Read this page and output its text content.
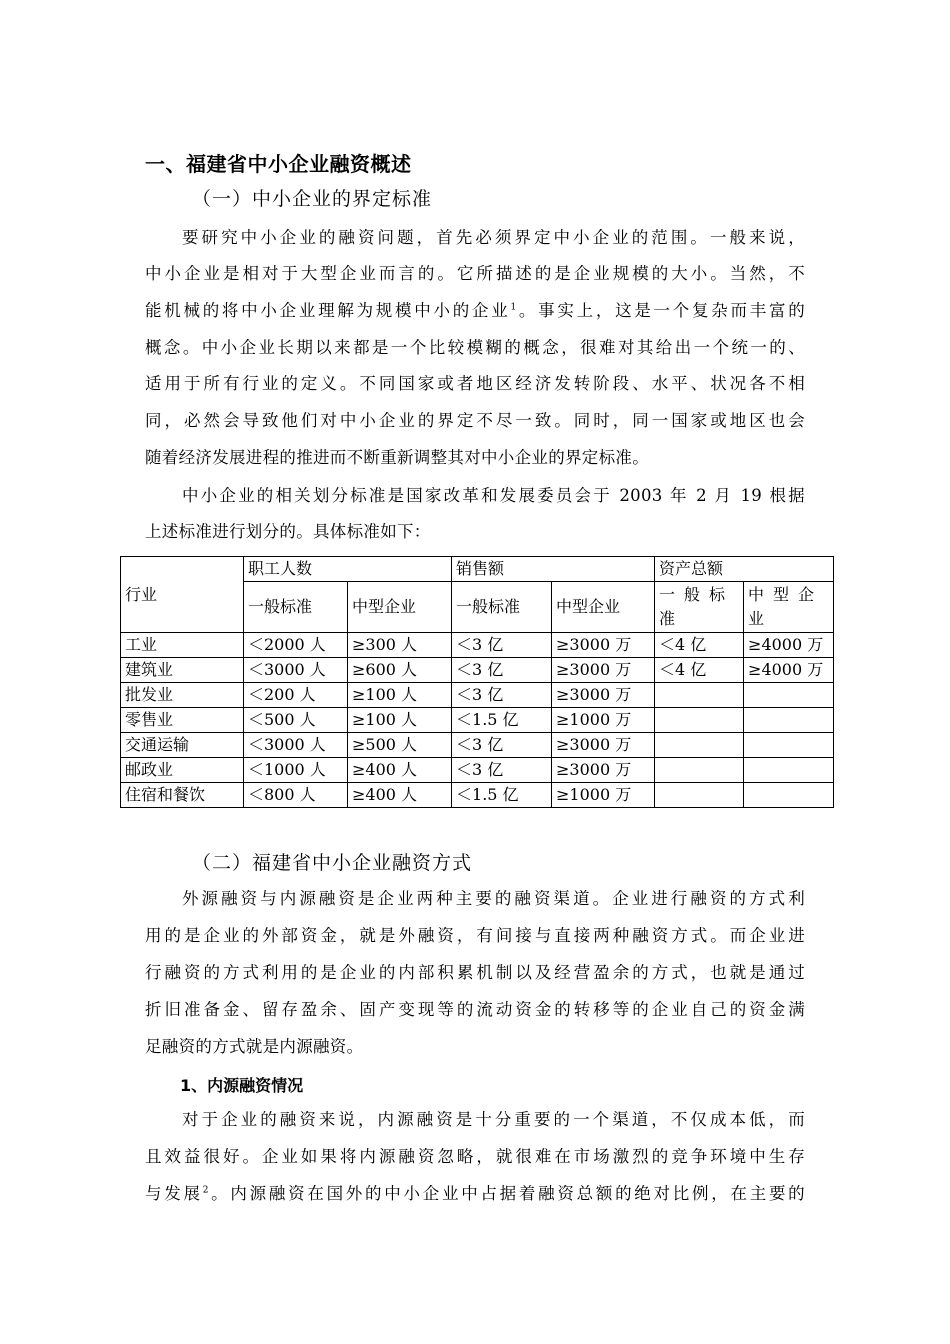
一、福建省中小企业融资概述
（一）中小企业的界定标准
要研究中小企业的融资问题，首先必须界定中小企业的范围。一般来说，
中小企业是相对于大型企业而言的。它所描述的是企业规模的大小。当然，不
能机械的将中小企业理解为规模中小的企业$^1$。事实上，这是一个复杂而丰富的
概念。中小企业长期以来都是一个比较模糊的概念，很难对其给出一个统一的、
适用于所有行业的定义。不同国家或者地区经济发转阶段、水平、状况各不相
同，必然会导致他们对中小企业的界定不尽一致。同时，同一国家或地区也会
随着经济发展进程的推进而不断重新调整其对中小企业的界定标准。
中小企业的相关划分标准是国家改革和发展委员会于 2003 年 2 月 19 根据
上述标准进行划分的。具体标准如下：
行业	职工人数		销售额		资产总额	
	一般标准	中型企业	一般标准	中型企业	一般标准	中型企业
工业	＜2000 人	≥300 人	＜3 亿	≥3000 万	＜4 亿	≥4000 万
建筑业	＜3000 人	≥600 人	＜3 亿	≥3000 万	＜4 亿	≥4000 万
批发业	＜200 人	≥100 人	＜3 亿	≥3000 万		
零售业	＜500 人	≥100 人	＜1.5 亿	≥1000 万		
交通运输	＜3000 人	≥500 人	＜3 亿	≥3000 万		
邮政业	＜1000 人	≥400 人	＜3 亿	≥3000 万		
住宿和餐饮	＜800 人	≥400 人	＜1.5 亿	≥1000 万		
（二）福建省中小企业融资方式
外源融资与内源融资是企业两种主要的融资渠道。企业进行融资的方式利
用的是企业的外部资金，就是外融资，有间接与直接两种融资方式。而企业进
行融资的方式利用的是企业的内部积累机制以及经营盈余的方式，也就是通过
折旧准备金、留存盈余、固产变现等的流动资金的转移等的企业自己的资金满
足融资的方式就是内源融资。
1、内源融资情况
对于企业的融资来说，内源融资是十分重要的一个渠道，不仅成本低，而
且效益很好。企业如果将内源融资忽略，就很难在市场激烈的竞争环境中生存
与发展$^2$。内源融资在国外的中小企业中占据着融资总额的绝对比例，在主要的
